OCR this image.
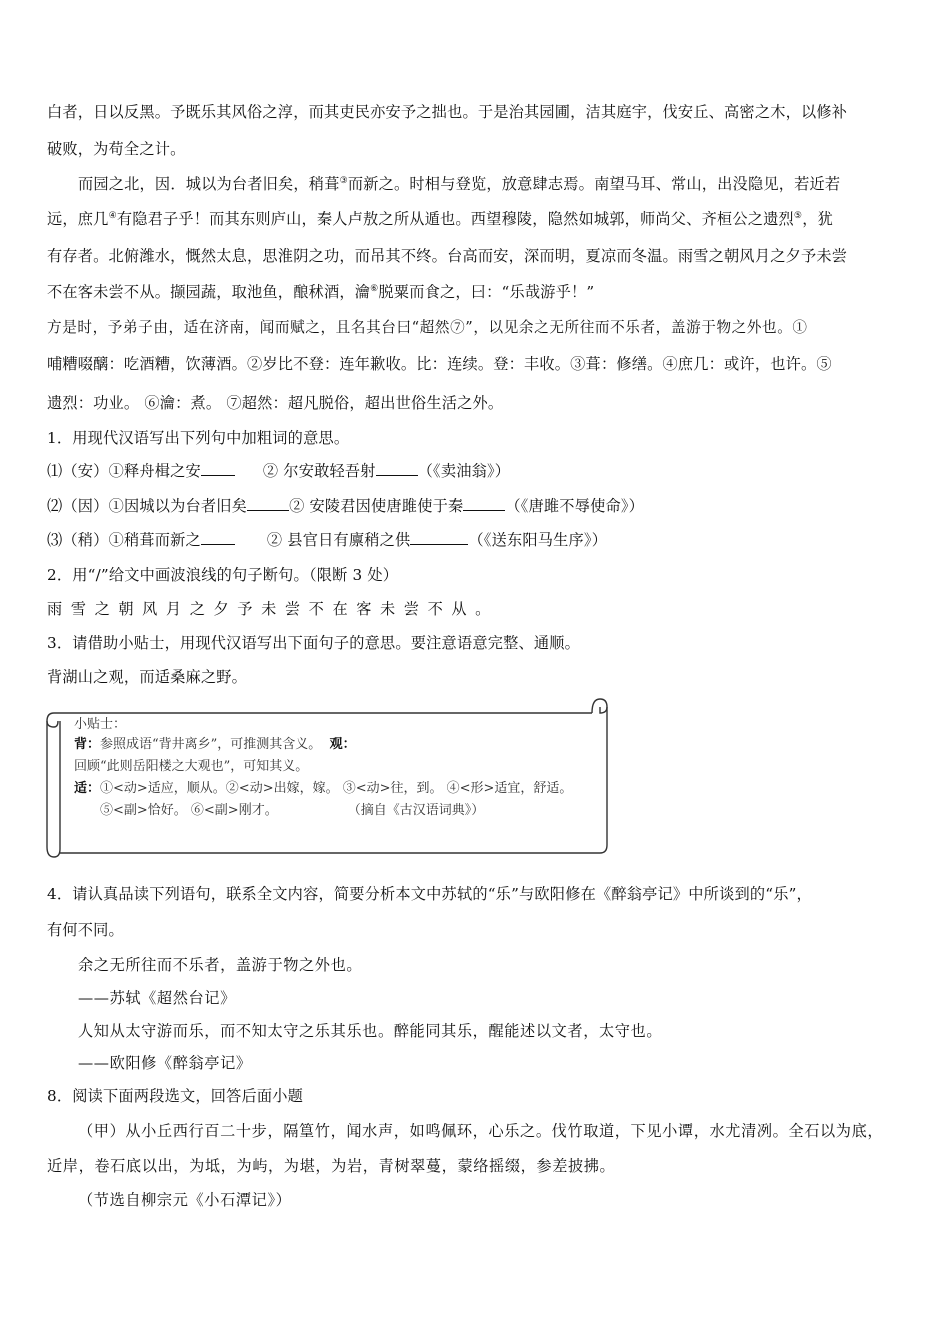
白者，日以反黑。予既乐其风俗之淳，而其吏民亦安予之拙也。于是治其园圃，洁其庭宇，伐安丘、高密之木，以修补
破败，为苟全之计。
而园之北，因．城以为台者旧矣，稍葺③而新之。时相与登览，放意肆志焉。南望马耳、常山，出没隐见，若近若
远，庶几④有隐君子乎！而其东则庐山，秦人卢敖之所从遁也。西望穆陵，隐然如城郭，师尚父、齐桓公之遗烈⑤，犹
有存者。北俯潍水，慨然太息，思淮阴之功，而吊其不终。台高而安，深而明，夏凉而冬温。雨雪之朝风月之夕予未尝
不在客未尝不从。撷园蔬，取池鱼，酿秫酒，瀹⑥脱粟而食之，曰：“乐哉游乎！”
方是时，予弟子由，适在济南，闻而赋之，且名其台曰“超然⑦”，以见余之无所往而不乐者，盖游于物之外也。①
哺糟啜醨：吃酒糟，饮薄酒。②岁比不登：连年歉收。比：连续。登：丰收。③葺：修缮。④庶几：或许，也许。⑤
遗烈：功业。 ⑥瀹：煮。 ⑦超然：超凡脱俗，超出世俗生活之外。
1．用现代汉语写出下列句中加粗词的意思。
⑴（安）①释舟楫之安	② 尔安敢轻吾射	（《卖油翁》）
⑵（因）①因城以为台者旧矣	② 安陵君因使唐雎使于秦	（《唐雎不辱使命》）
⑶（稍）①稍葺而新之	② 县官日有廪稍之供	（《送东阳马生序》）
2．用“/”给文中画波浪线的句子断句。（限断 3 处）
雨雪之朝风月之夕予未尝不在客未尝不从。
3．请借助小贴士，用现代汉语写出下面句子的意思。要注意语意完整、通顺。
背湖山之观，而适桑麻之野。
小贴士：
背：参照成语“背井离乡”，可推测其含义。 观：
回顾“此则岳阳楼之大观也”，可知其义。
适：①<动>适应，顺从。②<动>出嫁，嫁。 ③<动>往，到。 ④<形>适宜，舒适。
⑤<副>恰好。 ⑥<副>刚才。	（摘自《古汉语词典》）
4．请认真品读下列语句，联系全文内容，简要分析本文中苏轼的“乐”与欧阳修在《醉翁亭记》中所谈到的“乐”，
有何不同。
余之无所往而不乐者，盖游于物之外也。
——苏轼《超然台记》
人知从太守游而乐，而不知太守之乐其乐也。醉能同其乐，醒能述以文者，太守也。
——欧阳修《醉翁亭记》
8．阅读下面两段选文，回答后面小题
（甲）从小丘西行百二十步，隔篁竹，闻水声，如鸣佩环，心乐之。伐竹取道，下见小谭，水尤清冽。全石以为底，
近岸，卷石底以出，为坻，为屿，为堪，为岩，青树翠蔓，蒙络摇缀，参差披拂。
（节选自柳宗元《小石潭记》）
